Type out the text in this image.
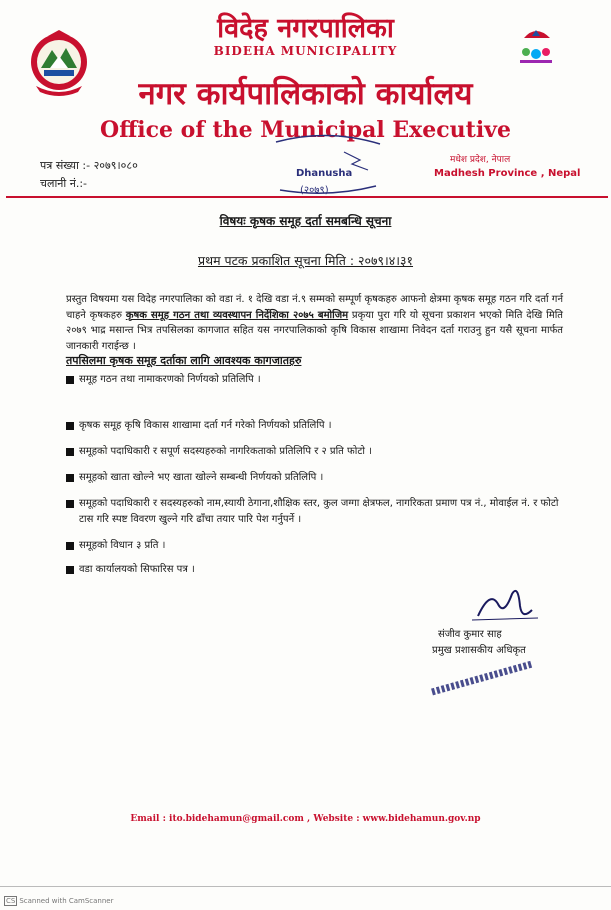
विदेह नगरपालिका
BIDEHA MUNICIPALITY
नगर कार्यपालिकाको कार्यालय
Office of the Municipal Executive
पत्र संख्या :- २०७९।०८०
चलानी नं.:-
Dhanusha
(२०७९)
मधेश प्रदेश, नेपाल
Madhesh Province , Nepal
विषयः कृषक समूह दर्ता समबन्धि सूचना
प्रथम पटक प्रकाशित सूचना मिति : २०७९।४।३१
प्रस्तुत विषयमा यस विदेह नगरपालिका को वडा नं. १ देखि वडा नं.९ सम्मको सम्पूर्ण कृषकहरु आफनो क्षेत्रमा कृषक समूह गठन गरि दर्ता गर्न चाहने कृषकहरु कृषक समूह गठन तथा व्यवस्थापन निर्देशिका २०७५ बमोजिम प्रकृया पुरा गरि यो सूचना प्रकाशन भएको मिति देखि मिति २०७९ भाद्र मसान्त भित्र तपसिलका कागजात सहित यस नगरपालिकाको कृषि विकास शाखामा निवेदन दर्ता गराउनु हुन यसै सूचना मार्फत जानकारी गराईन्छ ।
तपसिलमा कृषक समूह दर्ताका लागि आवश्यक कागजातहरु
समूह गठन तथा नामाकरणको निर्णयको प्रतिलिपि ।
कृषक समूह कृषि विकास शाखामा दर्ता गर्न गरेको निर्णयको प्रतिलिपि ।
समूहको पदाधिकारी र सपूर्ण सदस्यहरुको नागरिकताको प्रतिलिपि र २ प्रति फोटो ।
समूहको खाता खोल्ने भए खाता खोल्ने सम्बन्धी निर्णयको प्रतिलिपि ।
समूहको पदाधिकारी र सदस्यहरुको नाम,स्यायी ठेगाना,शौक्षिक स्तर, कुल जग्गा क्षेत्रफल, नागरिकता प्रमाण पत्र नं., मोवाईल नं. र फोटो टास गरि स्पष्ट विवरण खुल्ने गरि ढाँचा तयार पारि पेश गर्नुपर्ने ।
समूहको विधान ३ प्रति ।
वडा कार्यालयको सिफारिस पत्र ।
संजीव कुमार साह
प्रमुख प्रशासकीय अधिकृत
Email : ito.bidehamun@gmail.com , Website : www.bidehamun.gov.np
CS Scanned with CamScanner
